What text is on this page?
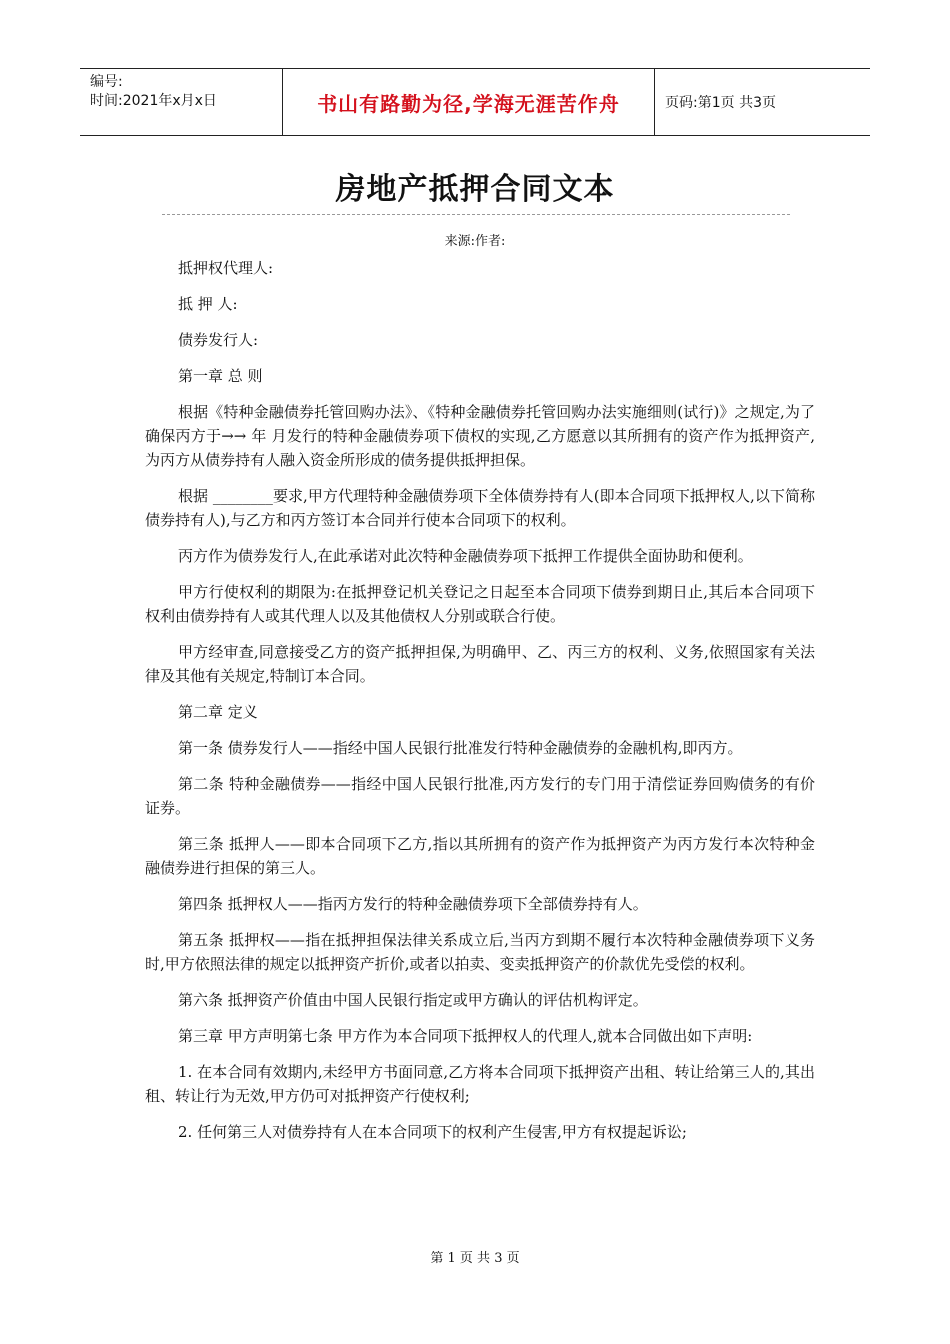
编号:
时间:2021年x月x日	书山有路勤为径,学海无涯苦作舟	页码:第1页 共3页
房地产抵押合同文本
来源:作者:

抵押权代理人:

抵 押 人:

债券发行人:

第一章 总 则

根据《特种金融债券托管回购办法》、《特种金融债券托管回购办法实施细则(试行)》之规定,为了确保丙方于→→ 年 月发行的特种金融债券项下债权的实现,乙方愿意以其所拥有的资产作为抵押资产,为丙方从债券持有人融入资金所形成的债务提供抵押担保。

根据 ________要求,甲方代理特种金融债券项下全体债券持有人(即本合同项下抵押权人,以下简称债券持有人),与乙方和丙方签订本合同并行使本合同项下的权利。

丙方作为债券发行人,在此承诺对此次特种金融债券项下抵押工作提供全面协助和便利。

甲方行使权利的期限为:在抵押登记机关登记之日起至本合同项下债券到期日止,其后本合同项下权利由债券持有人或其代理人以及其他债权人分别或联合行使。

甲方经审查,同意接受乙方的资产抵押担保,为明确甲、乙、丙三方的权利、义务,依照国家有关法律及其他有关规定,特制订本合同。

第二章 定义

第一条 债券发行人——指经中国人民银行批准发行特种金融债券的金融机构,即丙方。

第二条 特种金融债券——指经中国人民银行批准,丙方发行的专门用于清偿证券回购债务的有价证券。

第三条 抵押人——即本合同项下乙方,指以其所拥有的资产作为抵押资产为丙方发行本次特种金融债券进行担保的第三人。

第四条 抵押权人——指丙方发行的特种金融债券项下全部债券持有人。

第五条 抵押权——指在抵押担保法律关系成立后,当丙方到期不履行本次特种金融债券项下义务时,甲方依照法律的规定以抵押资产折价,或者以拍卖、变卖抵押资产的价款优先受偿的权利。

第六条 抵押资产价值由中国人民银行指定或甲方确认的评估机构评定。

第三章 甲方声明第七条 甲方作为本合同项下抵押权人的代理人,就本合同做出如下声明:

1. 在本合同有效期内,未经甲方书面同意,乙方将本合同项下抵押资产出租、转让给第三人的,其出租、转让行为无效,甲方仍可对抵押资产行使权利;

2. 任何第三人对债券持有人在本合同项下的权利产生侵害,甲方有权提起诉讼;

第 1 页 共 3 页
